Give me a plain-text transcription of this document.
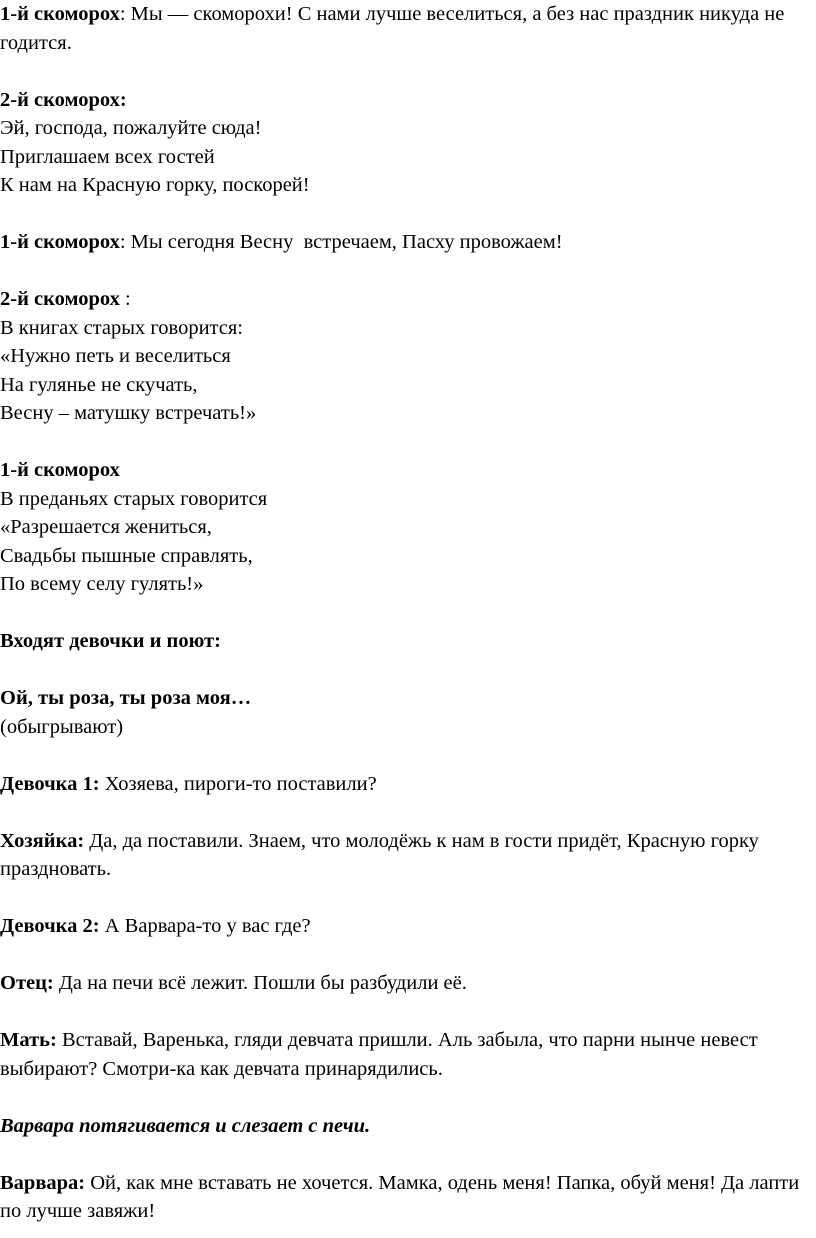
1-й скоморох: Мы — скоморохи! С нами лучше веселиться, а без нас праздник никуда не годится.

2-й скоморох:
Эй, господа, пожалуйте сюда!
Приглашаем всех гостей
К нам на Красную горку, поскорей!

1-й скоморох: Мы сегодня Весну  встречаем, Пасху провожаем!

2-й скоморох :
В книгах старых говорится:
«Нужно петь и веселиться
На гулянье не скучать,
Весну – матушку встречать!»

1-й скоморох
В преданьях старых говорится
«Разрешается жениться,
Свадьбы пышные справлять,
По всему селу гулять!»

Входят девочки и поют:

Ой, ты роза, ты роза моя…
(обыгрывают)

Девочка 1: Хозяева, пироги-то поставили?

Хозяйка: Да, да поставили. Знаем, что молодёжь к нам в гости придёт, Красную горку праздновать.

Девочка 2: А Варвара-то у вас где?

Отец: Да на печи всё лежит. Пошли бы разбудили её.

Мать: Вставай, Варенька, гляди девчата пришли. Аль забыла, что парни нынче невест выбирают? Смотри-ка как девчата принарядились.

Варвара потягивается и слезает с печи.

Варвара: Ой, как мне вставать не хочется. Мамка, одень меня! Папка, обуй меня! Да лапти по лучше завяжи!
